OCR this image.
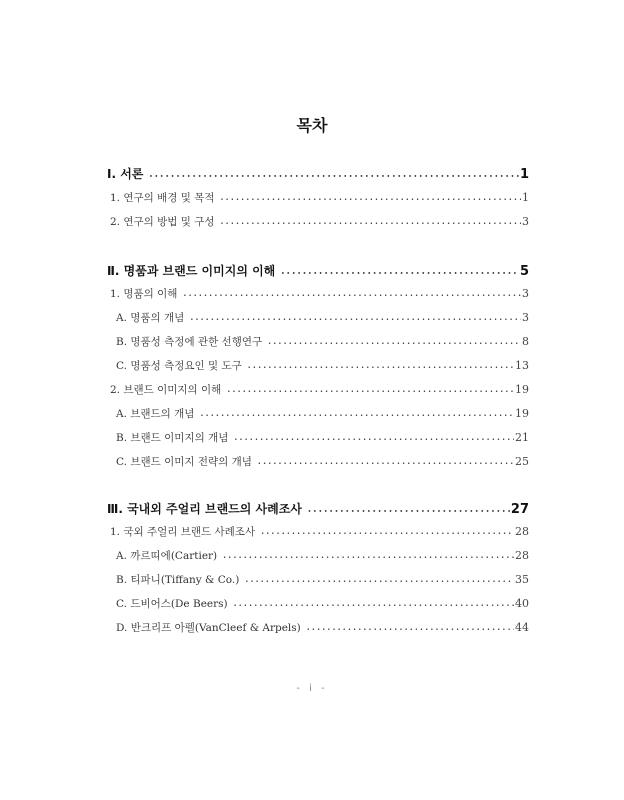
목차
Ⅰ. 서론 •••••	1
1. 연구의 배경 및 목적 •••••	1
2. 연구의 방법 및 구성 •••••	3
Ⅱ. 명품과 브랜드 이미지의 이해 •••••	5
1. 명품의 이해 •••••	3
A. 명품의 개념 •••••	3
B. 명품성 측정에 관한 선행연구 •••••	8
C. 명품성 측정요인 및 도구 •••••	13
2. 브랜드 이미지의 이해 •••••	19
A. 브랜드의 개념 •••••	19
B. 브랜드 이미지의 개념 •••••	21
C. 브랜드 이미지 전략의 개념 •••••	25
Ⅲ. 국내외 주얼리 브랜드의 사례조사 •••••	27
1. 국외 주얼리 브랜드 사례조사 •••••	28
A. 까르띠에(Cartier) •••••	28
B. 티파니(Tiffany & Co.) •••••	35
C. 드비어스(De Beers) •••••	40
D. 반크리프 아펠(VanCleef & Arpels) •••••	44
- i -
